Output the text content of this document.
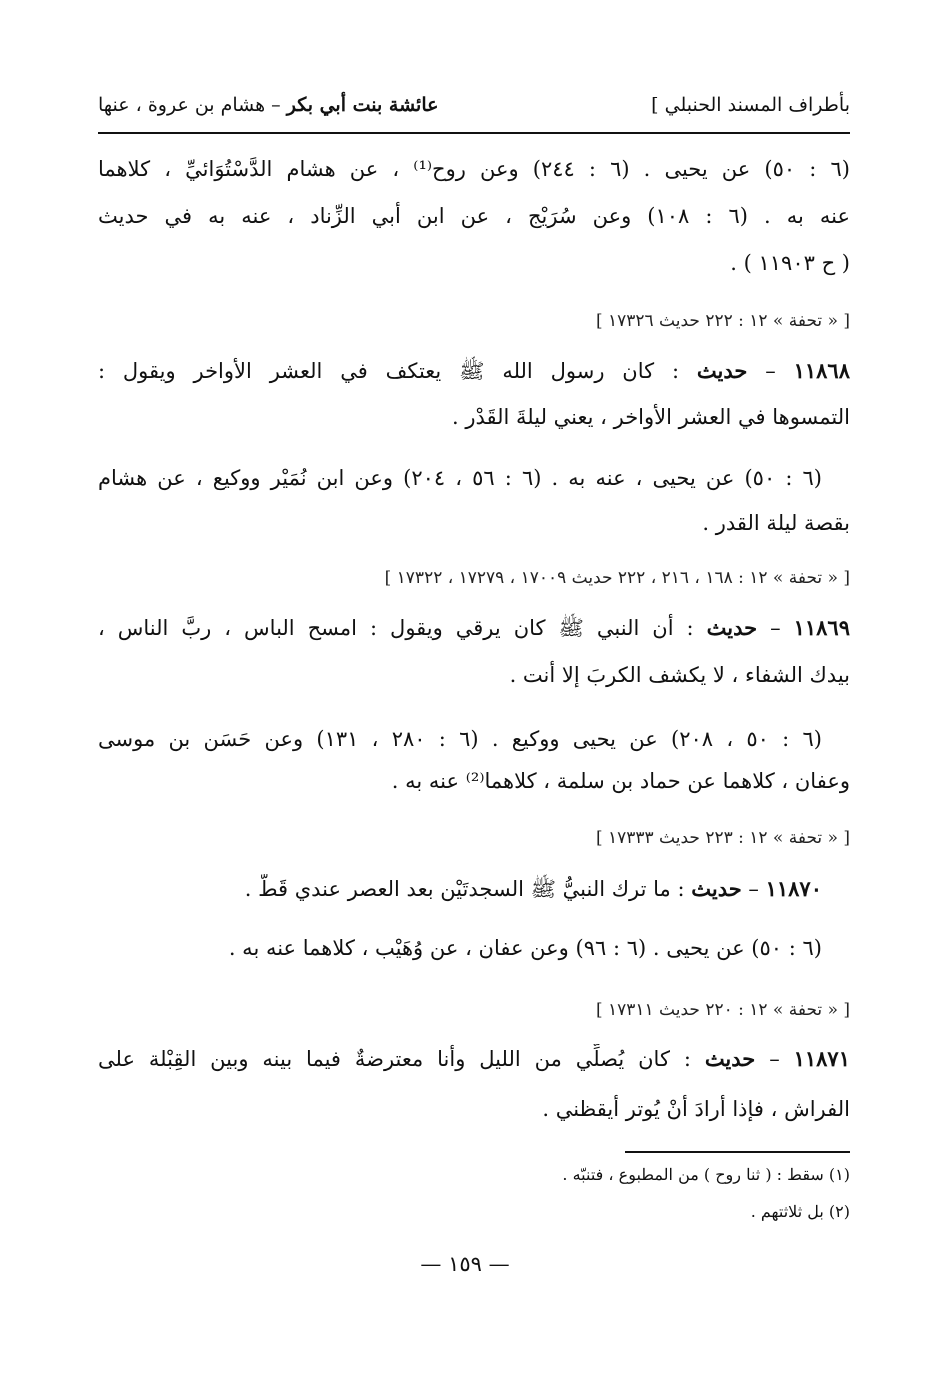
بأطراف المسند الحنبلي ]
عائشة بنت أبي بكر – هشام بن عروة ، عنها
(٦ : ٥٠) عن يحيى . (٦ : ٢٤٤) وعن روح⁽¹⁾ ، عن هشام الدَّسْتُوَائيِّ ، كلاهما
عنه به . (٦ : ١٠٨) وعن سُرَيْج ، عن ابن أبي الزِّناد ، عنه به في حديث
( ح ١١٩٠٣ ) .
[ « تحفة » ١٢ : ٢٢٢ حديث ١٧٣٢٦ ]
١١٨٦٨ – حديث : كان رسول الله ﷺ يعتكف في العشر الأواخر ويقول :
التمسوها في العشر الأواخر ، يعني ليلةَ القَدْر .
(٦ : ٥٠) عن يحيى ، عنه به . (٦ : ٥٦ ، ٢٠٤) وعن ابن نُمَيْر ووكيع ، عن هشام
بقصة ليلة القدر .
[ « تحفة » ١٢ : ١٦٨ ، ٢١٦ ، ٢٢٢ حديث ١٧٠٠٩ ، ١٧٢٧٩ ، ١٧٣٢٢ ]
١١٨٦٩ – حديث : أن النبي ﷺ كان يرقي ويقول : امسح الباس ، ربَّ الناس ،
بيدك الشفاء ، لا يكشف الكربَ إلا أنت .
(٦ : ٥٠ ، ٢٠٨) عن يحيى ووكيع . (٦ : ٢٨٠ ، ١٣١) وعن حَسَن بن موسى
وعفان ، كلاهما عن حماد بن سلمة ، كلاهما⁽²⁾ عنه به .
[ « تحفة » ١٢ : ٢٢٣ حديث ١٧٣٣٣ ]
١١٨٧٠ – حديث : ما ترك النبيُّ ﷺ السجدتَيْن بعد العصر عندي قَطُّ .
(٦ : ٥٠) عن يحيى . (٦ : ٩٦) وعن عفان ، عن وُهَيْب ، كلاهما عنه به .
[ « تحفة » ١٢ : ٢٢٠ حديث ١٧٣١١ ]
١١٨٧١ – حديث : كان يُصلِّي من الليل وأنا معترضةٌ فيما بينه وبين القِبْلة على
الفراش ، فإذا أرادَ أنْ يُوتر أيقظني .
(١) سقط : ( ثنا روح ) من المطبوع ، فتنبّه .
(٢) بل ثلاثتهم .
— ١٥٩ —
